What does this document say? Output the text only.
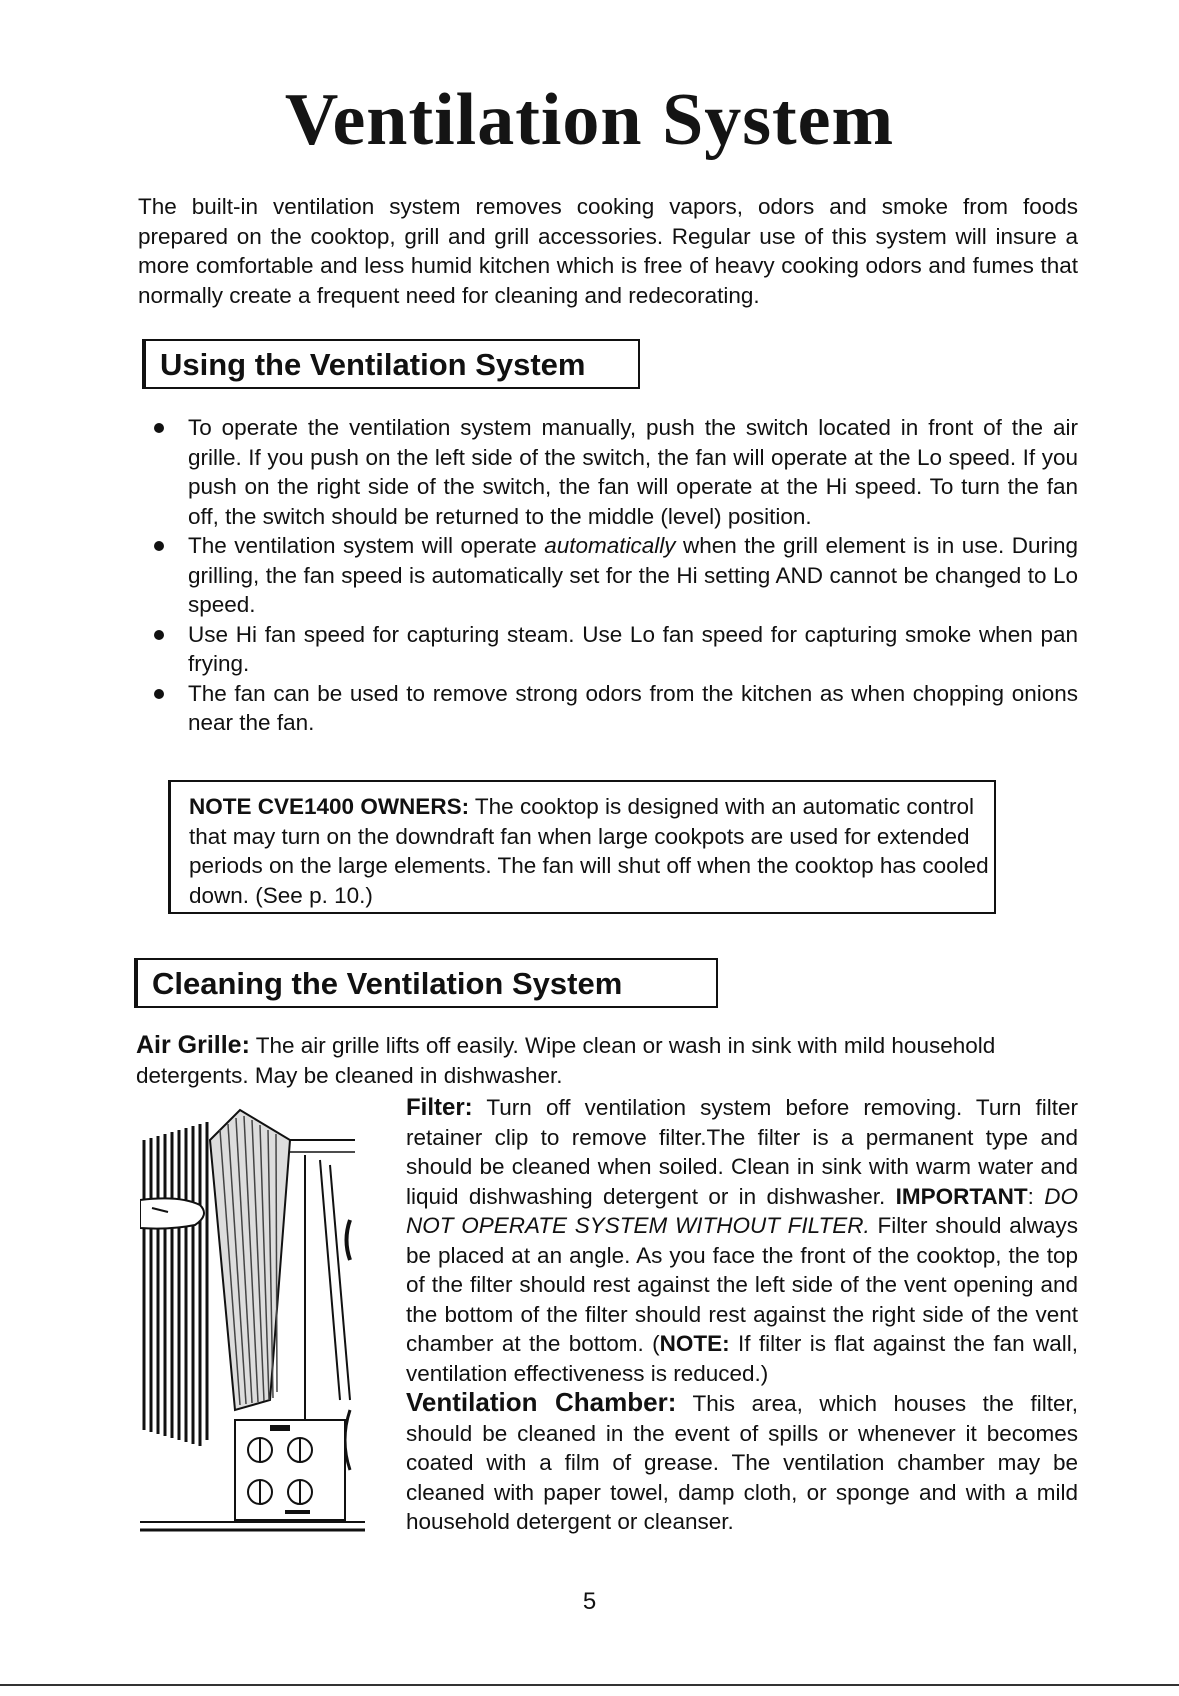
Ventilation System

The built-in ventilation system removes cooking vapors, odors and smoke from foods prepared on the cooktop, grill and grill accessories. Regular use of this system will insure a more comfortable and less humid kitchen which is free of heavy cooking odors and fumes that normally create a frequent need for cleaning and redecorating.

Using the Ventilation System
To operate the ventilation system manually, push the switch located in front of the air grille. If you push on the left side of the switch, the fan will operate at the Lo speed. If you push on the right side of the switch, the fan will operate at the Hi speed. To turn the fan off, the switch should be returned to the middle (level) position.
The ventilation system will operate automatically when the grill element is in use. During grilling, the fan speed is automatically set for the Hi setting AND cannot be changed to Lo speed.
Use Hi fan speed for capturing steam. Use Lo fan speed for capturing smoke when pan frying.
The fan can be used to remove strong odors from the kitchen as when chopping onions near the fan.
NOTE CVE1400 OWNERS: The cooktop is designed with an automatic control that may turn on the downdraft fan when large cookpots are used for extended periods on the large elements. The fan will shut off when the cooktop has cooled down. (See p. 10.)
Cleaning the Ventilation System
Air Grille: The air grille lifts off easily. Wipe clean or wash in sink with mild household detergents. May be cleaned in dishwasher.
Filter: Turn off ventilation system before removing. Turn filter retainer clip to remove filter.The filter is a permanent type and should be cleaned when soiled. Clean in sink with warm water and liquid dishwashing detergent or in dishwasher. IMPORTANT: DO NOT OPERATE SYSTEM WITHOUT FILTER. Filter should always be placed at an angle. As you face the front of the cooktop, the top of the filter should rest against the left side of the vent opening and the bottom of the filter should rest against the right side of the vent chamber at the bottom. (NOTE: If filter is flat against the fan wall, ventilation effectiveness is reduced.)
Ventilation Chamber: This area, which houses the filter, should be cleaned in the event of spills or whenever it becomes coated with a film of grease. The ventilation chamber may be cleaned with paper towel, damp cloth, or sponge and with a mild household detergent or cleanser.
5
